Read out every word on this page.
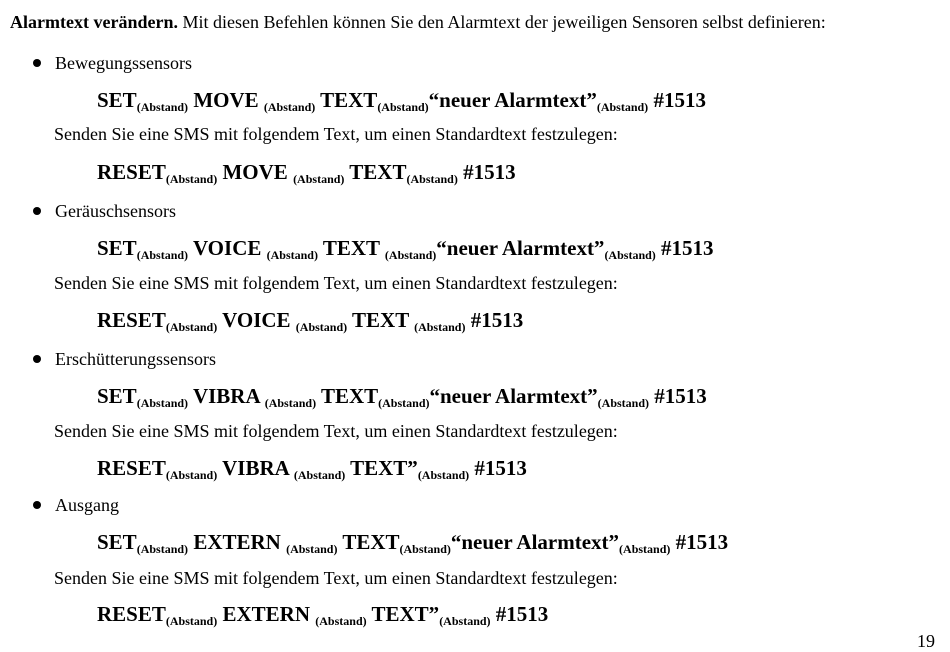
Alarmtext verändern. Mit diesen Befehlen können Sie den Alarmtext der jeweiligen Sensoren selbst definieren:
Bewegungssensors
$SET_{(Abstand)}$ MOVE $_{(Abstand)}$ $TEXT_{(Abstand)}“neuer$ $Alarmtext”_{(Abstand)}$ #1513
Senden Sie eine SMS mit folgendem Text, um einen Standardtext festzulegen:
$RESET_{(Abstand)}$ MOVE $_{(Abstand)}$ $TEXT_{(Abstand)}$ #1513
Geräuschsensors
$SET_{(Abstand)}$ VOICE $_{(Abstand)}$ TEXT $_{(Abstand)}$“neuer $Alarmtext”_{(Abstand)}$ #1513
Senden Sie eine SMS mit folgendem Text, um einen Standardtext festzulegen:
$RESET_{(Abstand)}$ VOICE $_{(Abstand)}$ TEXT $_{(Abstand)}$ #1513
Erschütterungssensors
$SET_{(Abstand)}$ VIBRA $_{(Abstand)}$ $TEXT_{(Abstand)}“neuer$ $Alarmtext”_{(Abstand)}$ #1513
Senden Sie eine SMS mit folgendem Text, um einen Standardtext festzulegen:
$RESET_{(Abstand)}$ VIBRA $_{(Abstand)}$ $TEXT”_{(Abstand)}$ #1513
Ausgang
$SET_{(Abstand)}$ EXTERN $_{(Abstand)}$ $TEXT_{(Abstand)}“neuer$ $Alarmtext”_{(Abstand)}$ #1513
Senden Sie eine SMS mit folgendem Text, um einen Standardtext festzulegen:
$RESET_{(Abstand)}$ EXTERN $_{(Abstand)}$ $TEXT”_{(Abstand)}$ #1513
19
